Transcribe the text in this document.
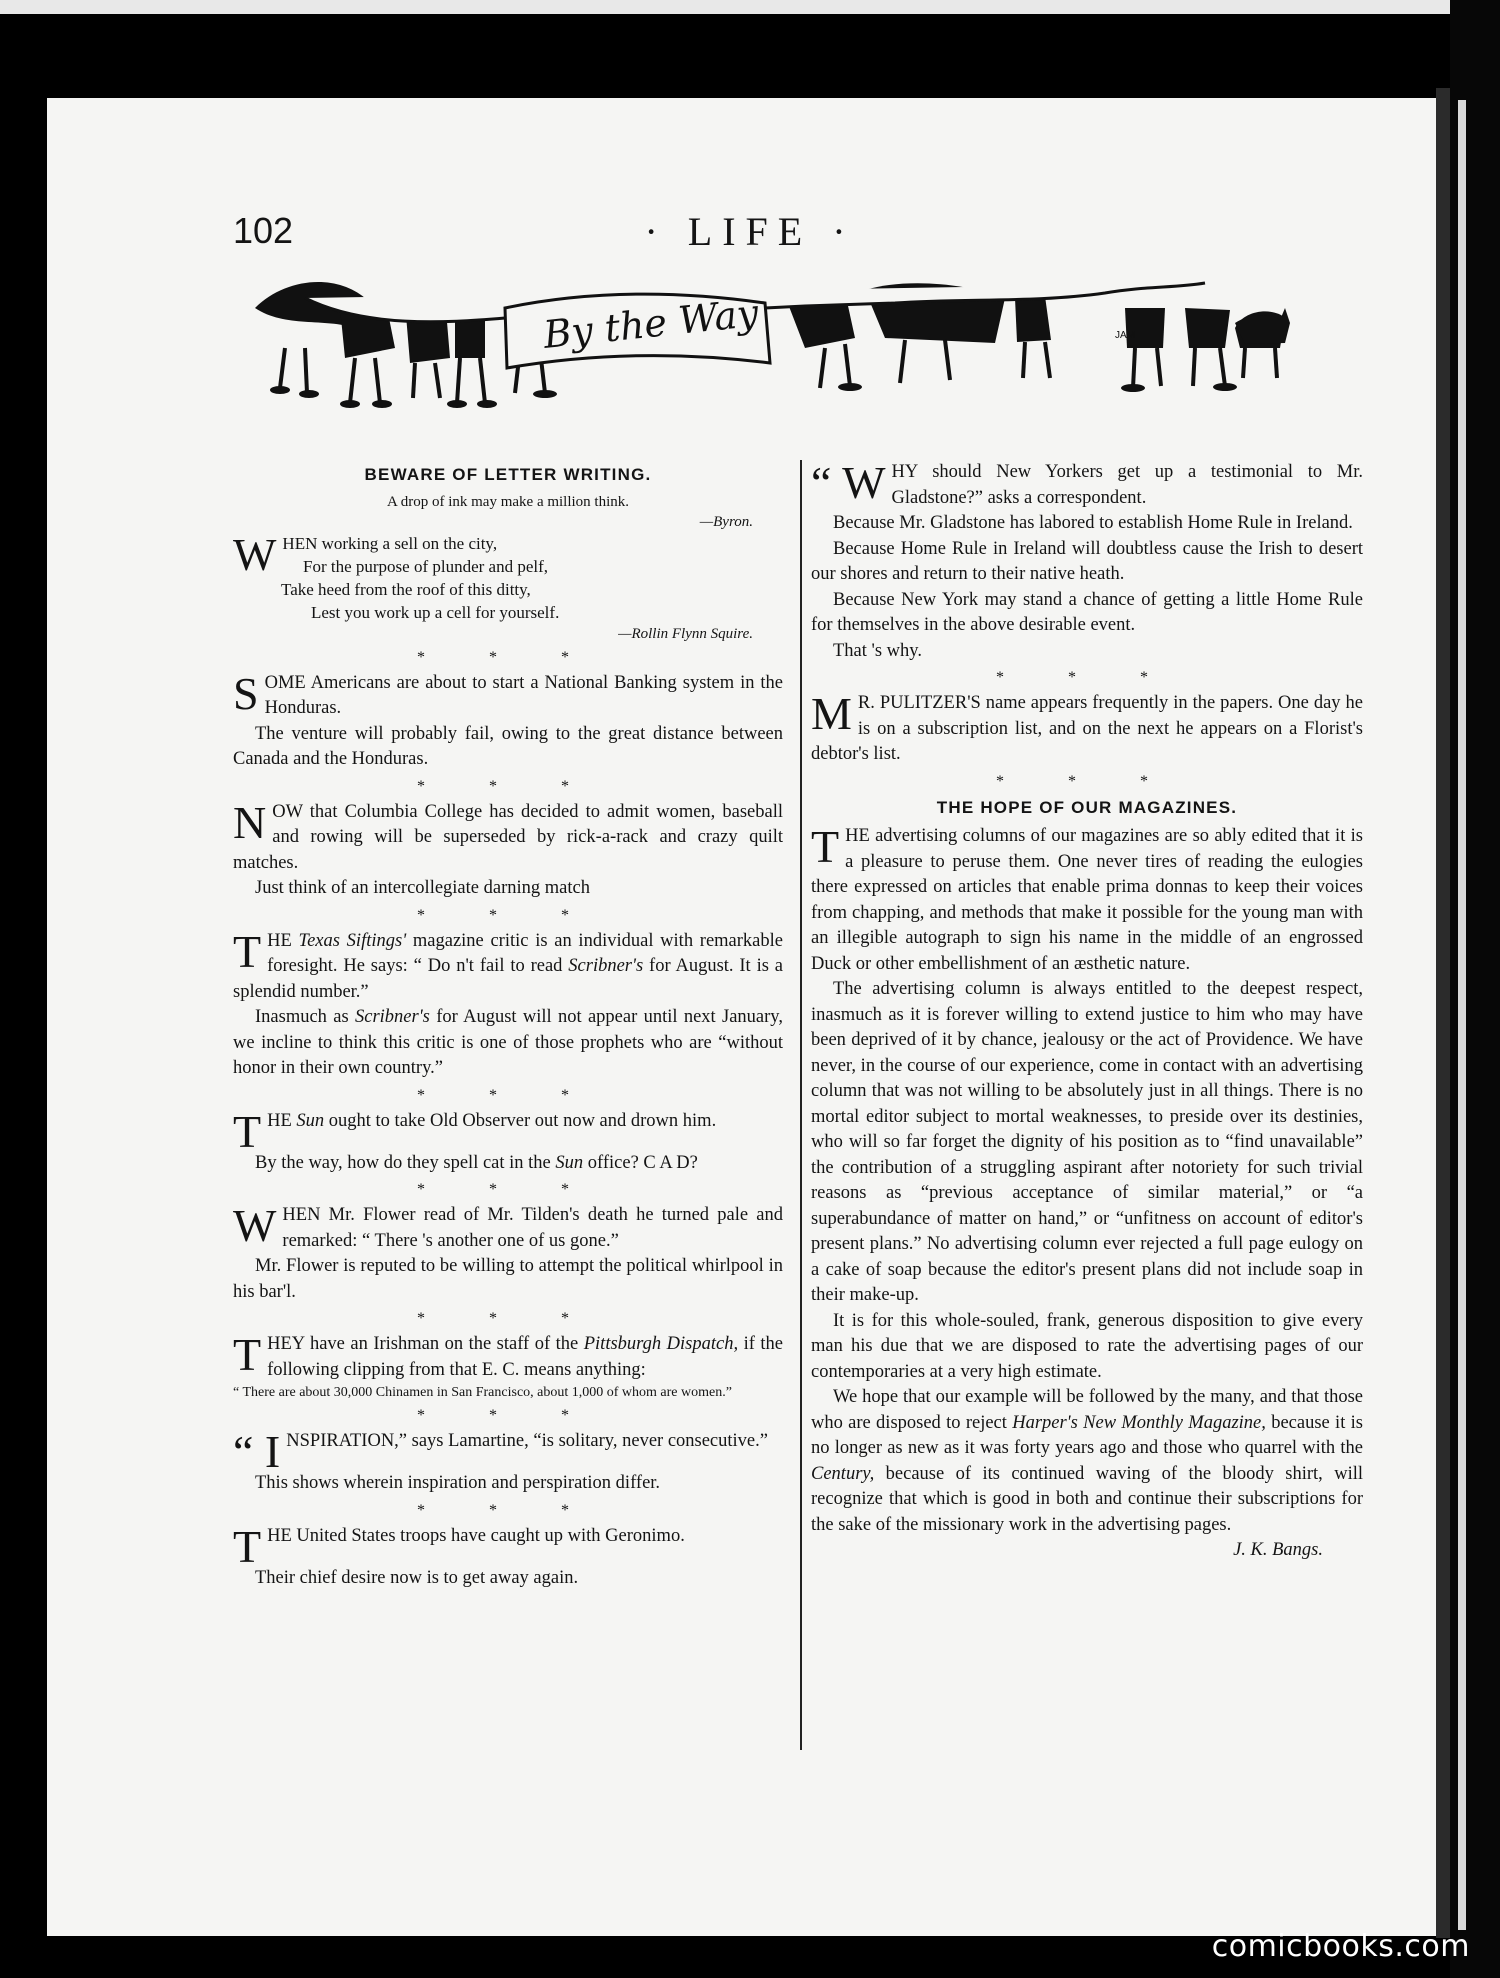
102	· LIFE ·
By the Way	JAM

BEWARE OF LETTER WRITING.

A drop of ink may make a million think.

—Byron.

W HEN working a sell on the city,
For the purpose of plunder and pelf,
Take heed from the roof of this ditty,
Lest you work up a cell for yourself.

—Rollin Flynn Squire.

* * *

SOME Americans are about to start a National Banking system in the Honduras.

The venture will probably fail, owing to the great distance between Canada and the Honduras.

* * *

NOW that Columbia College has decided to admit women, baseball and rowing will be superseded by rick-a-rack and crazy quilt matches.

Just think of an intercollegiate darning match

* * *

THE Texas Siftings' magazine critic is an individual with remarkable foresight. He says: “ Do n't fail to read Scribner's for August. It is a splendid number.”

Inasmuch as Scribner's for August will not appear until next January, we incline to think this critic is one of those prophets who are “without honor in their own country.”

* * *

THE Sun ought to take Old Observer out now and drown him.

By the way, how do they spell cat in the Sun office? C A D?

* * *

WHEN Mr. Flower read of Mr. Tilden's death he turned pale and remarked: “ There 's another one of us gone.”

Mr. Flower is reputed to be willing to attempt the political whirlpool in his bar'l.

* * *

THEY have an Irishman on the staff of the Pittsburgh Dispatch, if the following clipping from that E. C. means anything:

“ There are about 30,000 Chinamen in San Francisco, about 1,000 of whom are women.”

* * *

“ I NSPIRATION,” says Lamartine, “is solitary, never consecutive.”

This shows wherein inspiration and perspiration differ.

* * *

THE United States troops have caught up with Geronimo.

Their chief desire now is to get away again.

“ W HY should New Yorkers get up a testimonial to Mr. Gladstone?” asks a correspondent.

Because Mr. Gladstone has labored to establish Home Rule in Ireland.

Because Home Rule in Ireland will doubtless cause the Irish to desert our shores and return to their native heath.

Because New York may stand a chance of getting a little Home Rule for themselves in the above desirable event.

That 's why.

* * *

M R. PULITZER'S name appears frequently in the papers. One day he is on a subscription list, and on the next he appears on a Florist's debtor's list.

* * *

THE HOPE OF OUR MAGAZINES.

THE advertising columns of our magazines are so ably edited that it is a pleasure to peruse them. One never tires of reading the eulogies there expressed on articles that enable prima donnas to keep their voices from chapping, and methods that make it possible for the young man with an illegible autograph to sign his name in the middle of an engrossed Duck or other embellishment of an æsthetic nature.

The advertising column is always entitled to the deepest respect, inasmuch as it is forever willing to extend justice to him who may have been deprived of it by chance, jealousy or the act of Providence. We have never, in the course of our experience, come in contact with an advertising column that was not willing to be absolutely just in all things. There is no mortal editor subject to mortal weaknesses, to preside over its destinies, who will so far forget the dignity of his position as to “find unavailable” the contribution of a struggling aspirant after notoriety for such trivial reasons as “previous acceptance of similar material,” or “a superabundance of matter on hand,” or “unfitness on account of editor's present plans.” No advertising column ever rejected a full page eulogy on a cake of soap because the editor's present plans did not include soap in their make-up.

It is for this whole-souled, frank, generous disposition to give every man his due that we are disposed to rate the advertising pages of our contemporaries at a very high estimate.

We hope that our example will be followed by the many, and that those who are disposed to reject Harper's New Monthly Magazine, because it is no longer as new as it was forty years ago and those who quarrel with the Century, because of its continued waving of the bloody shirt, will recognize that which is good in both and continue their subscriptions for the sake of the missionary work in the advertising pages.

J. K. Bangs.

comicbooks.com
